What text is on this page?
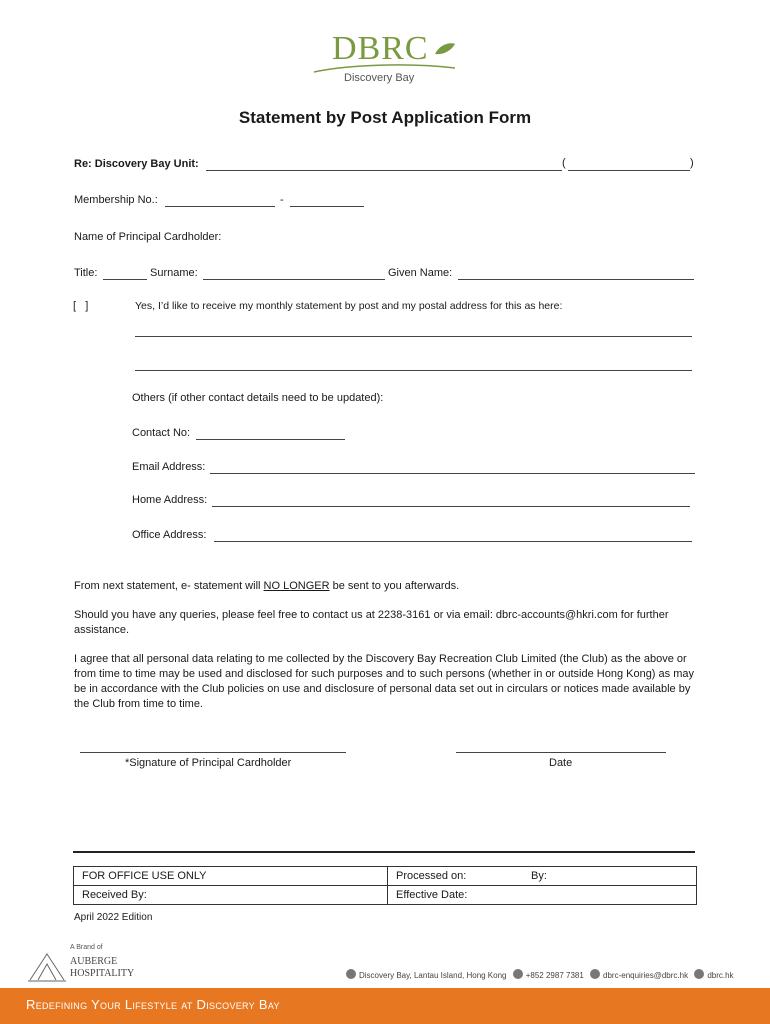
DBRC
Discovery Bay
Statement by Post Application Form
Re: Discovery Bay Unit:	(	)
Membership No.:	-
Name of Principal Cardholder:
Title:	Surname:	Given Name:
[   ]	Yes, I’d like to receive my monthly statement by post and my postal address for this as here:
Others (if other contact details need to be updated):
Contact No:
Email Address:
Home Address:
Office Address:
From next statement, e- statement will NO LONGER be sent to you afterwards.
Should you have any queries, please feel free to contact us at 2238-3161 or via email: dbrc-accounts@hkri.com for further assistance.
I agree that all personal data relating to me collected by the Discovery Bay Recreation Club Limited (the Club) as the above or from time to time may be used and disclosed for such purposes and to such persons (whether in or outside Hong Kong) as may be in accordance with the Club policies on use and disclosure of personal data set out in circulars or notices made available by the Club from time to time.
*Signature of Principal Cardholder	Date
FOR OFFICE USE ONLY	Processed on: By:

Received By:	Effective Date:
April 2022 Edition
A Brand of
AUBERGE
HOSPITALITY	Discovery Bay, Lantau Island, Hong Kong +852 2987 7381 dbrc-enquiries@dbrc.hk dbrc.hk
Redefining Your Lifestyle at Discovery Bay
